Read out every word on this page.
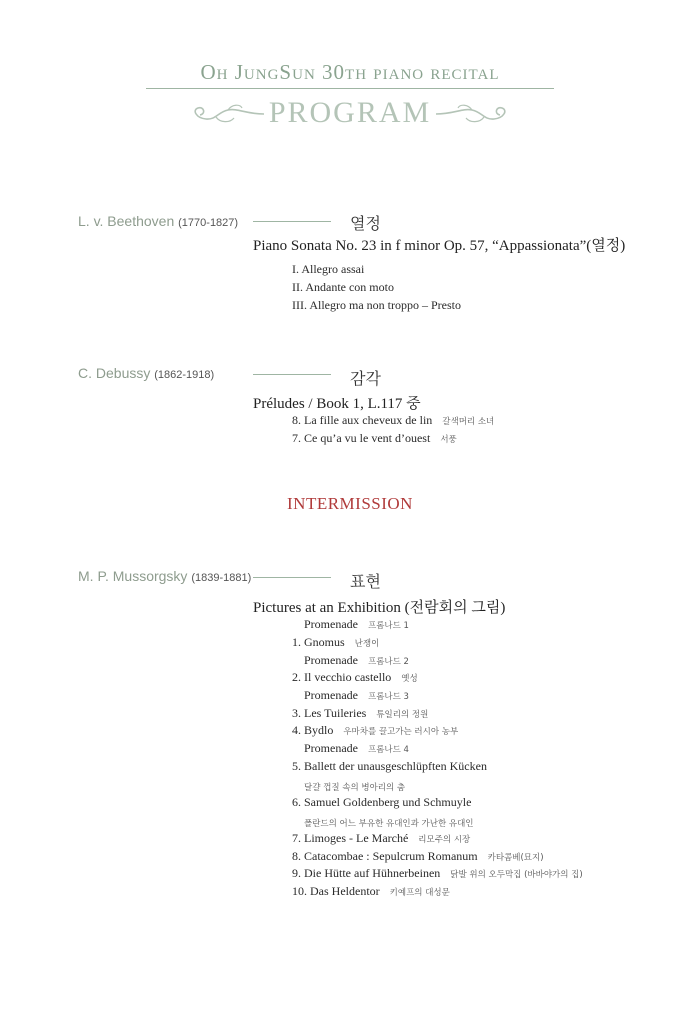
Oh JungSun 30th piano recital
PROGRAM
L. v. Beethoven (1770-1827)	열정
Piano Sonata No. 23 in f minor Op. 57, “Appassionata”(열정)
I. Allegro assai
II. Andante con moto
III. Allegro ma non troppo – Presto
C. Debussy (1862-1918)	감각
Préludes / Book 1, L.117 중
8. La fille aux cheveux de lin 갈색머리 소녀
7. Ce qu’a vu le vent d’ouest 서풍
INTERMISSION
M. P. Mussorgsky (1839-1881)	표현
Pictures at an Exhibition (전람회의 그림)
Promenade 프롬나드 1
1. Gnomus 난쟁이
Promenade 프롬나드 2
2. Il vecchio castello 옛성
Promenade 프롬나드 3
3. Les Tuileries 튜일리의 정원
4. Bydlo 우마차를 끌고가는 러시아 농부
Promenade 프롬나드 4
5. Ballett der unausgeschlüpften Kücken
달걀 껍질 속의 병아리의 춤
6. Samuel Goldenberg und Schmuyle
폴란드의 어느 부유한 유대인과 가난한 유대인
7. Limoges - Le Marché 리모주의 시장
8. Catacombae : Sepulcrum Romanum 카타콤베(묘지)
9. Die Hütte auf Hühnerbeinen 닭발 위의 오두막집 (바바야가의 집)
10. Das Heldentor 키예프의 대성문
